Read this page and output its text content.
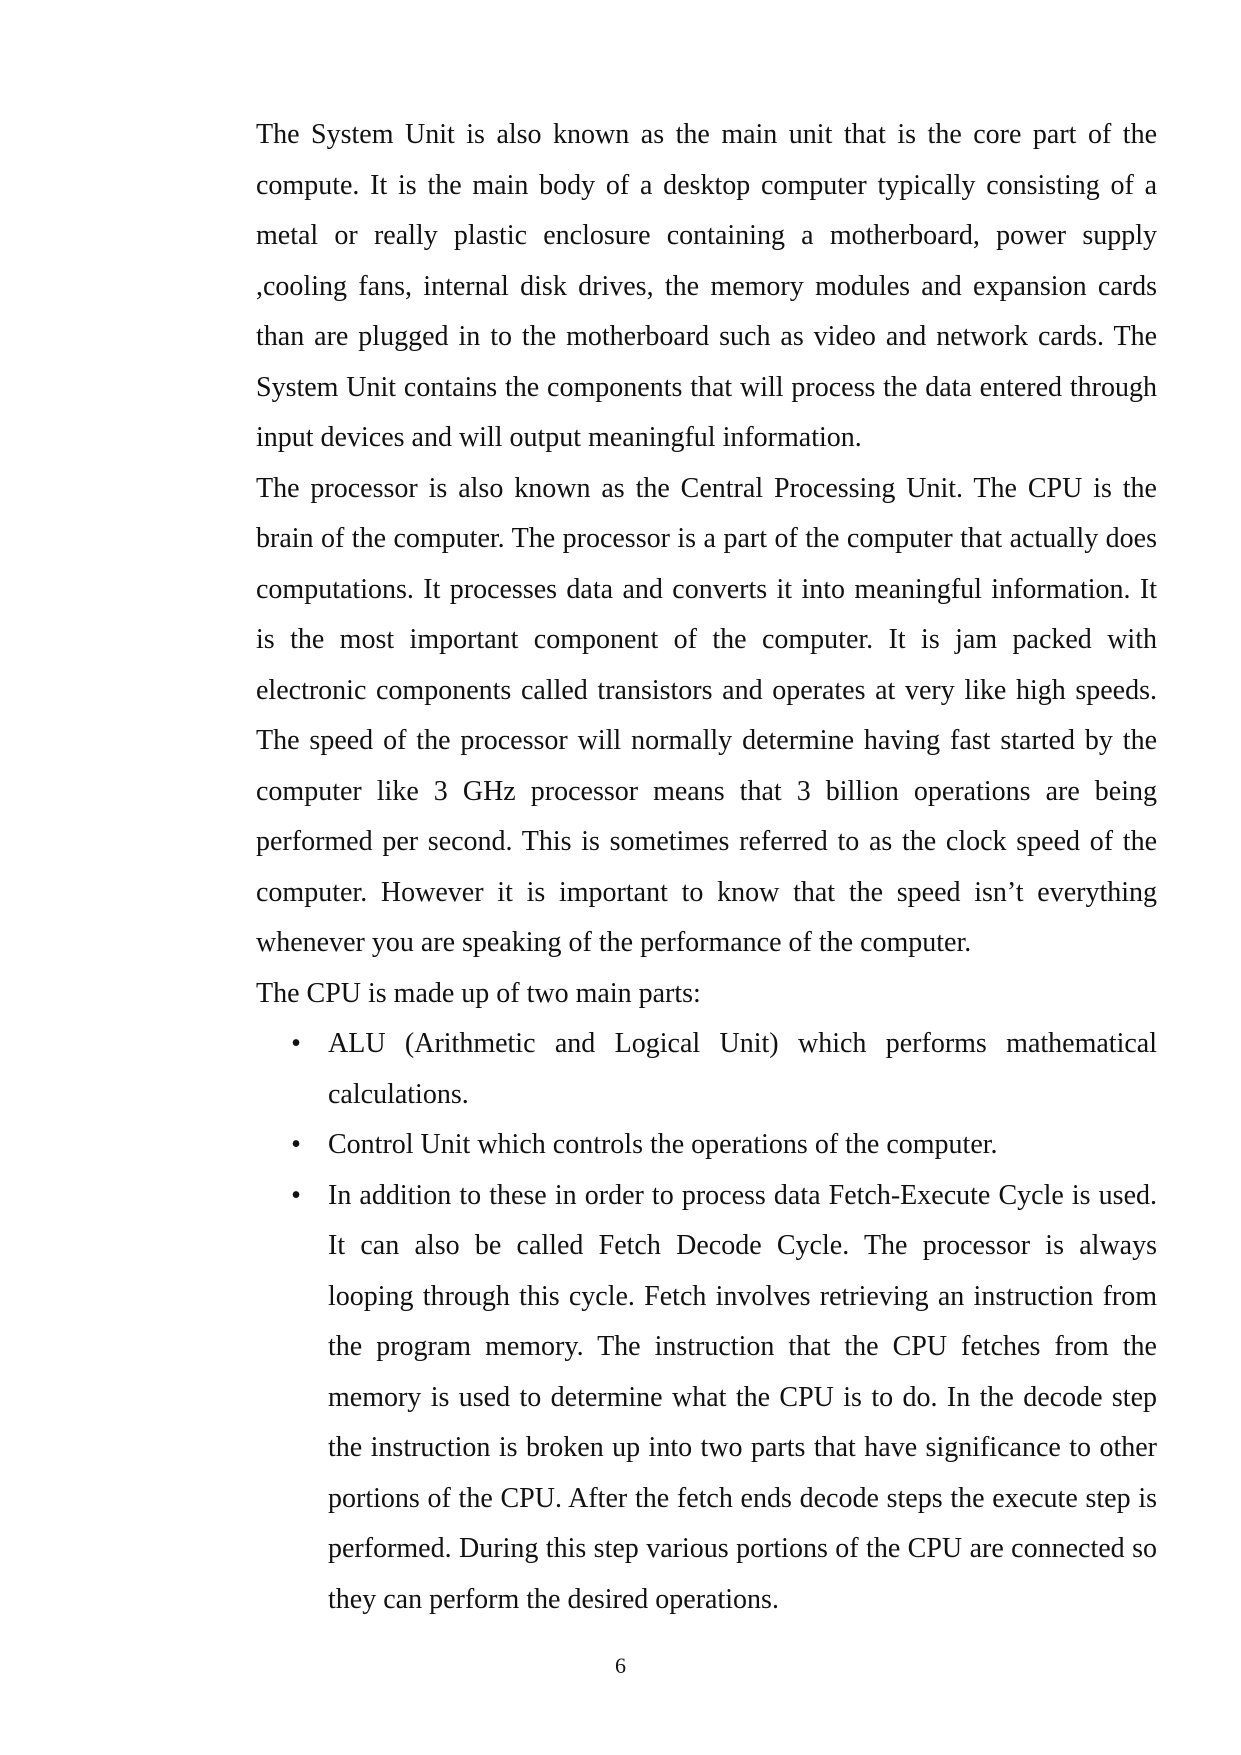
The System Unit is also known as the main unit that is the core part of the compute. It is the main body of a desktop computer typically consisting of a metal or really plastic enclosure containing a motherboard, power supply ,cooling fans, internal disk drives, the memory modules and expansion cards than are plugged in to the motherboard such as video and network cards. The System Unit contains the components that will process the data entered through input devices and will output meaningful information.

The processor is also known as the Central Processing Unit. The CPU is the brain of the computer. The processor is a part of the computer that actually does computations. It processes data and converts it into meaningful information. It is the most important component of the computer. It is jam packed with electronic components called transistors and operates at very like high speeds. The speed of the processor will normally determine having fast started by the computer like 3 GHz processor means that 3 billion operations are being performed per second. This is sometimes referred to as the clock speed of the computer. However it is important to know that the speed isn’t everything whenever you are speaking of the performance of the computer.

The CPU is made up of two main parts:

• ALU (Arithmetic and Logical Unit) which performs mathematical calculations.
• Control Unit which controls the operations of the computer.
• In addition to these in order to process data Fetch-Execute Cycle is used. It can also be called Fetch Decode Cycle. The processor is always looping through this cycle. Fetch involves retrieving an instruction from the program memory. The instruction that the CPU fetches from the memory is used to determine what the CPU is to do. In the decode step the instruction is broken up into two parts that have significance to other portions of the CPU. After the fetch ends decode steps the execute step is performed. During this step various portions of the CPU are connected so they can perform the desired operations.
6
